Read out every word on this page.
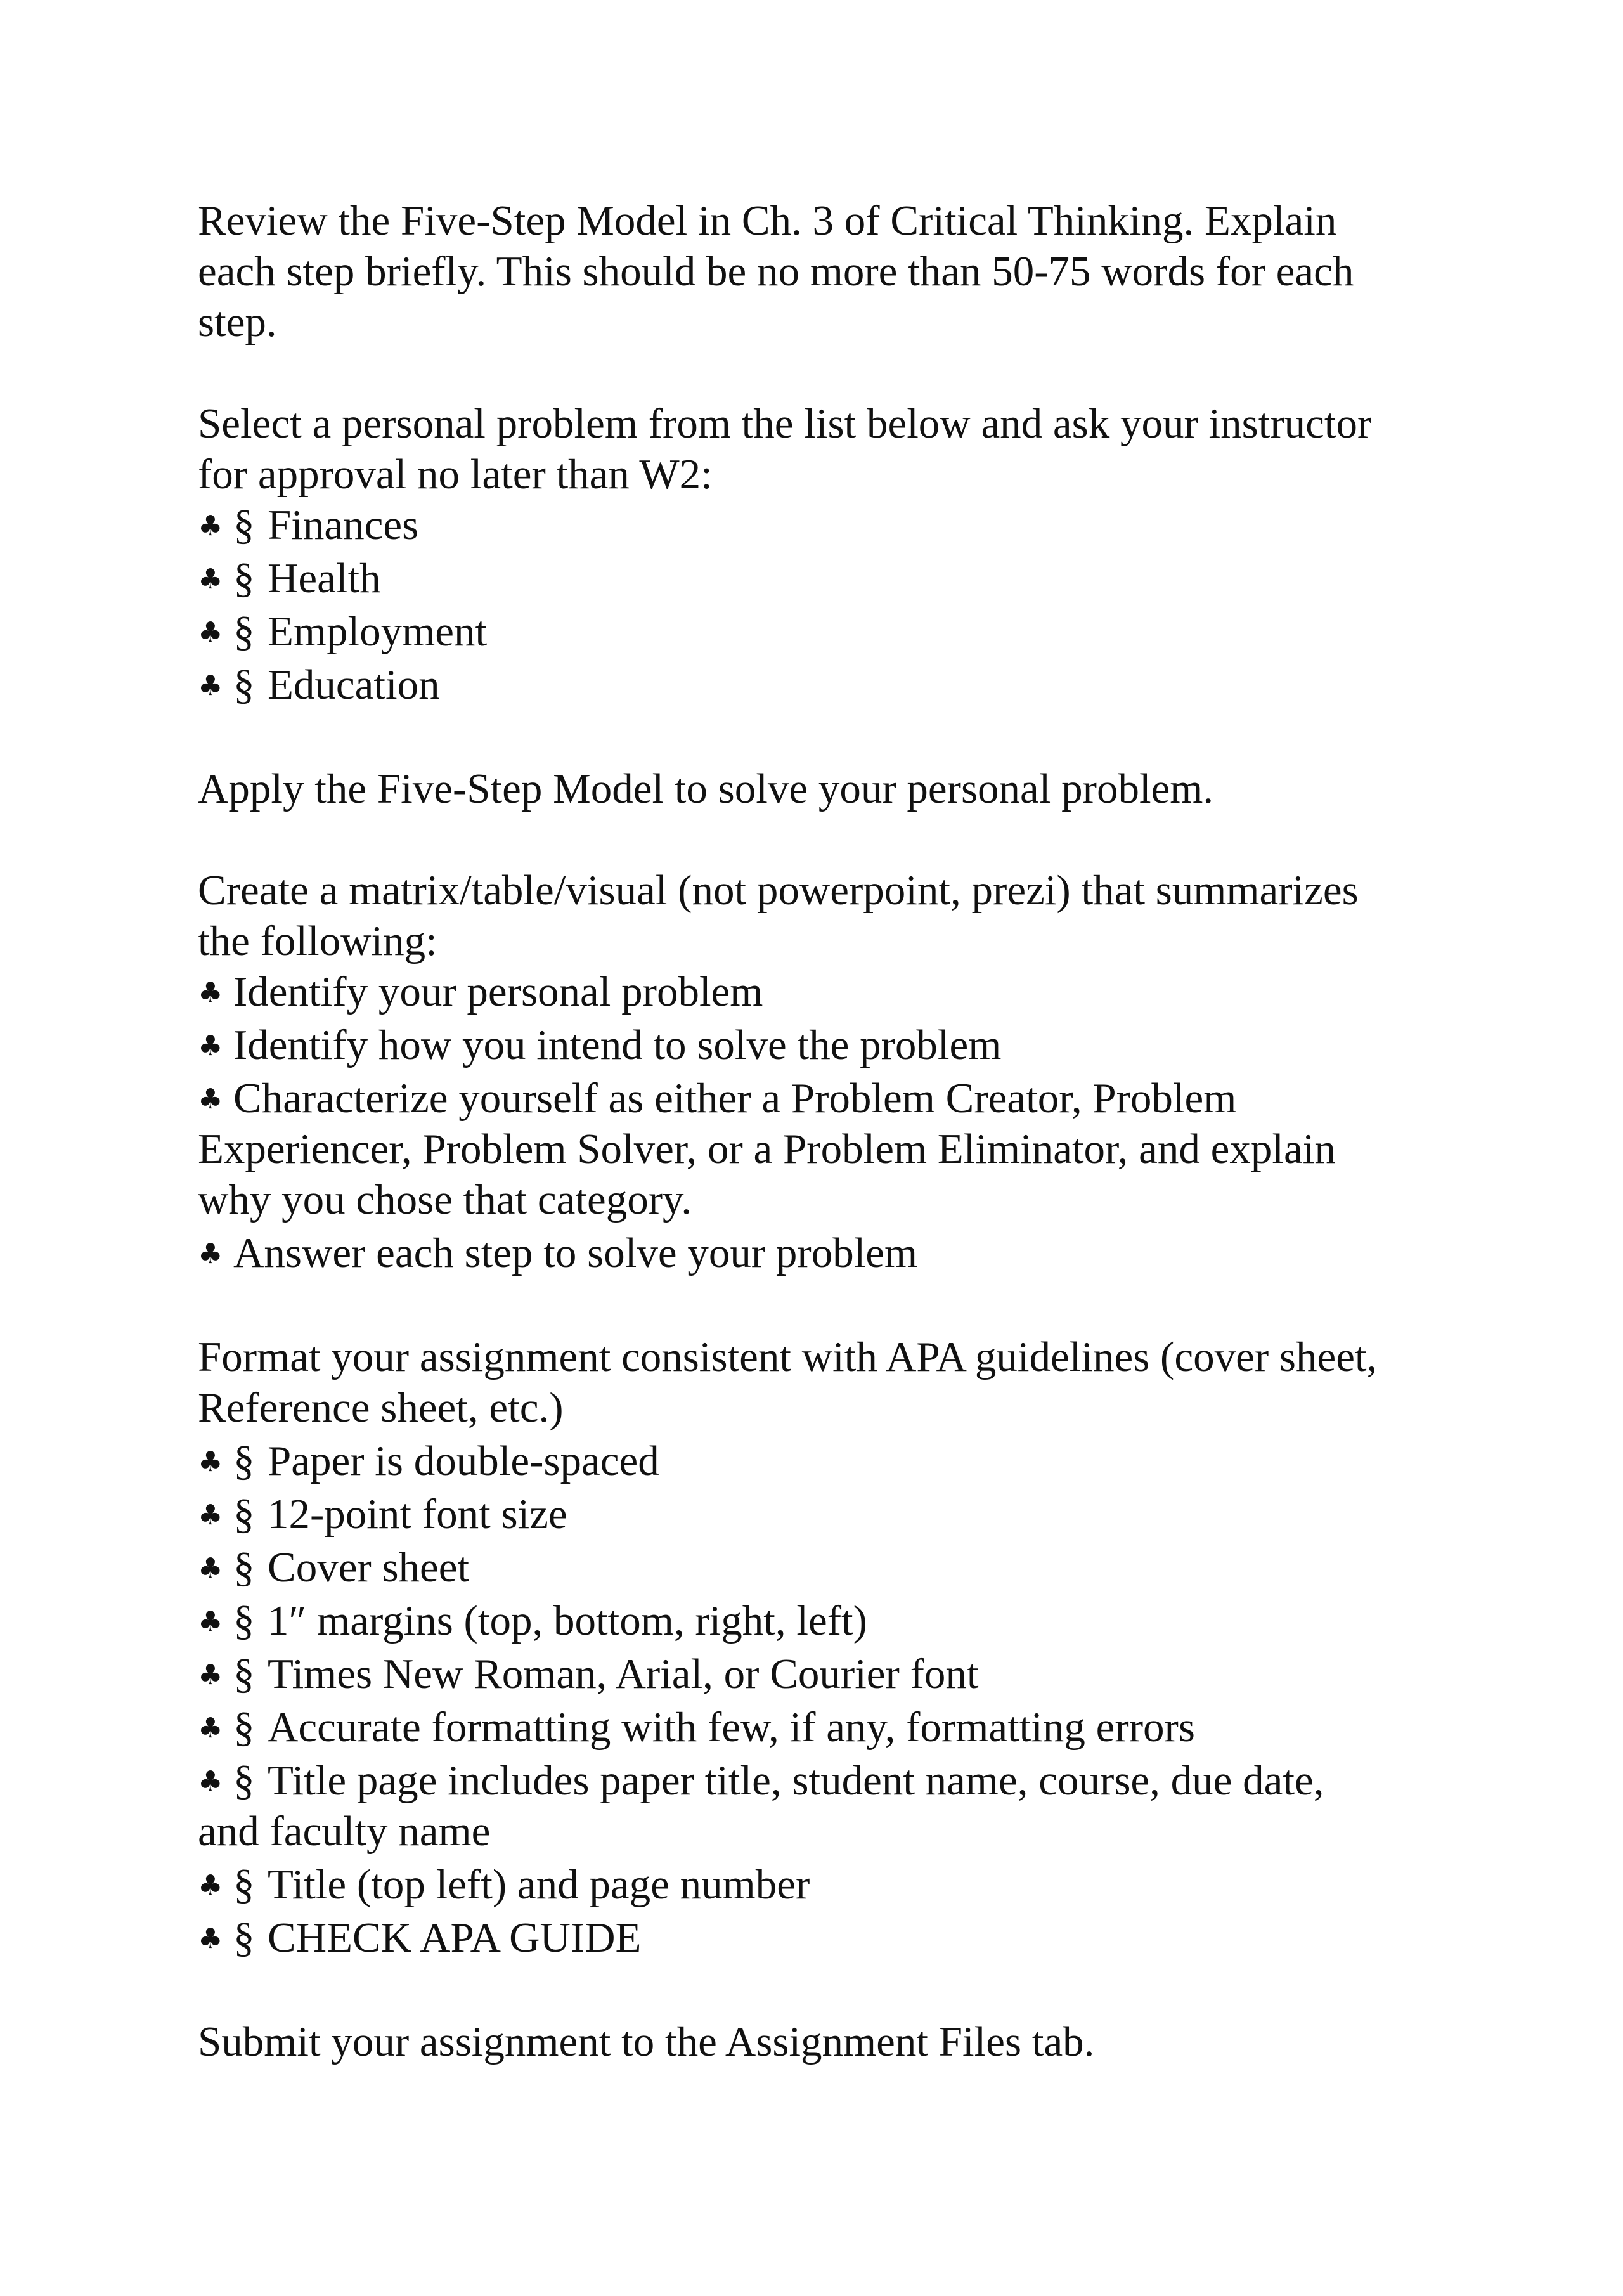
Review the Five-Step Model in Ch. 3 of Critical Thinking. Explain
each step briefly. This should be no more than 50-75 words for each
step.
Select a personal problem from the list below and ask your instructor
for approval no later than W2:
♣ § Finances
♣ § Health
♣ § Employment
♣ § Education
Apply the Five-Step Model to solve your personal problem.
Create a matrix/table/visual (not powerpoint, prezi) that summarizes
the following:
♣ Identify your personal problem
♣ Identify how you intend to solve the problem
♣ Characterize yourself as either a Problem Creator, Problem
Experiencer, Problem Solver, or a Problem Eliminator, and explain
why you chose that category.
♣ Answer each step to solve your problem
Format your assignment consistent with APA guidelines (cover sheet,
Reference sheet, etc.)
♣ § Paper is double-spaced
♣ § 12-point font size
♣ § Cover sheet
♣ § 1″ margins (top, bottom, right, left)
♣ § Times New Roman, Arial, or Courier font
♣ § Accurate formatting with few, if any, formatting errors
♣ § Title page includes paper title, student name, course, due date,
and faculty name
♣ § Title (top left) and page number
♣ § CHECK APA GUIDE
Submit your assignment to the Assignment Files tab.
